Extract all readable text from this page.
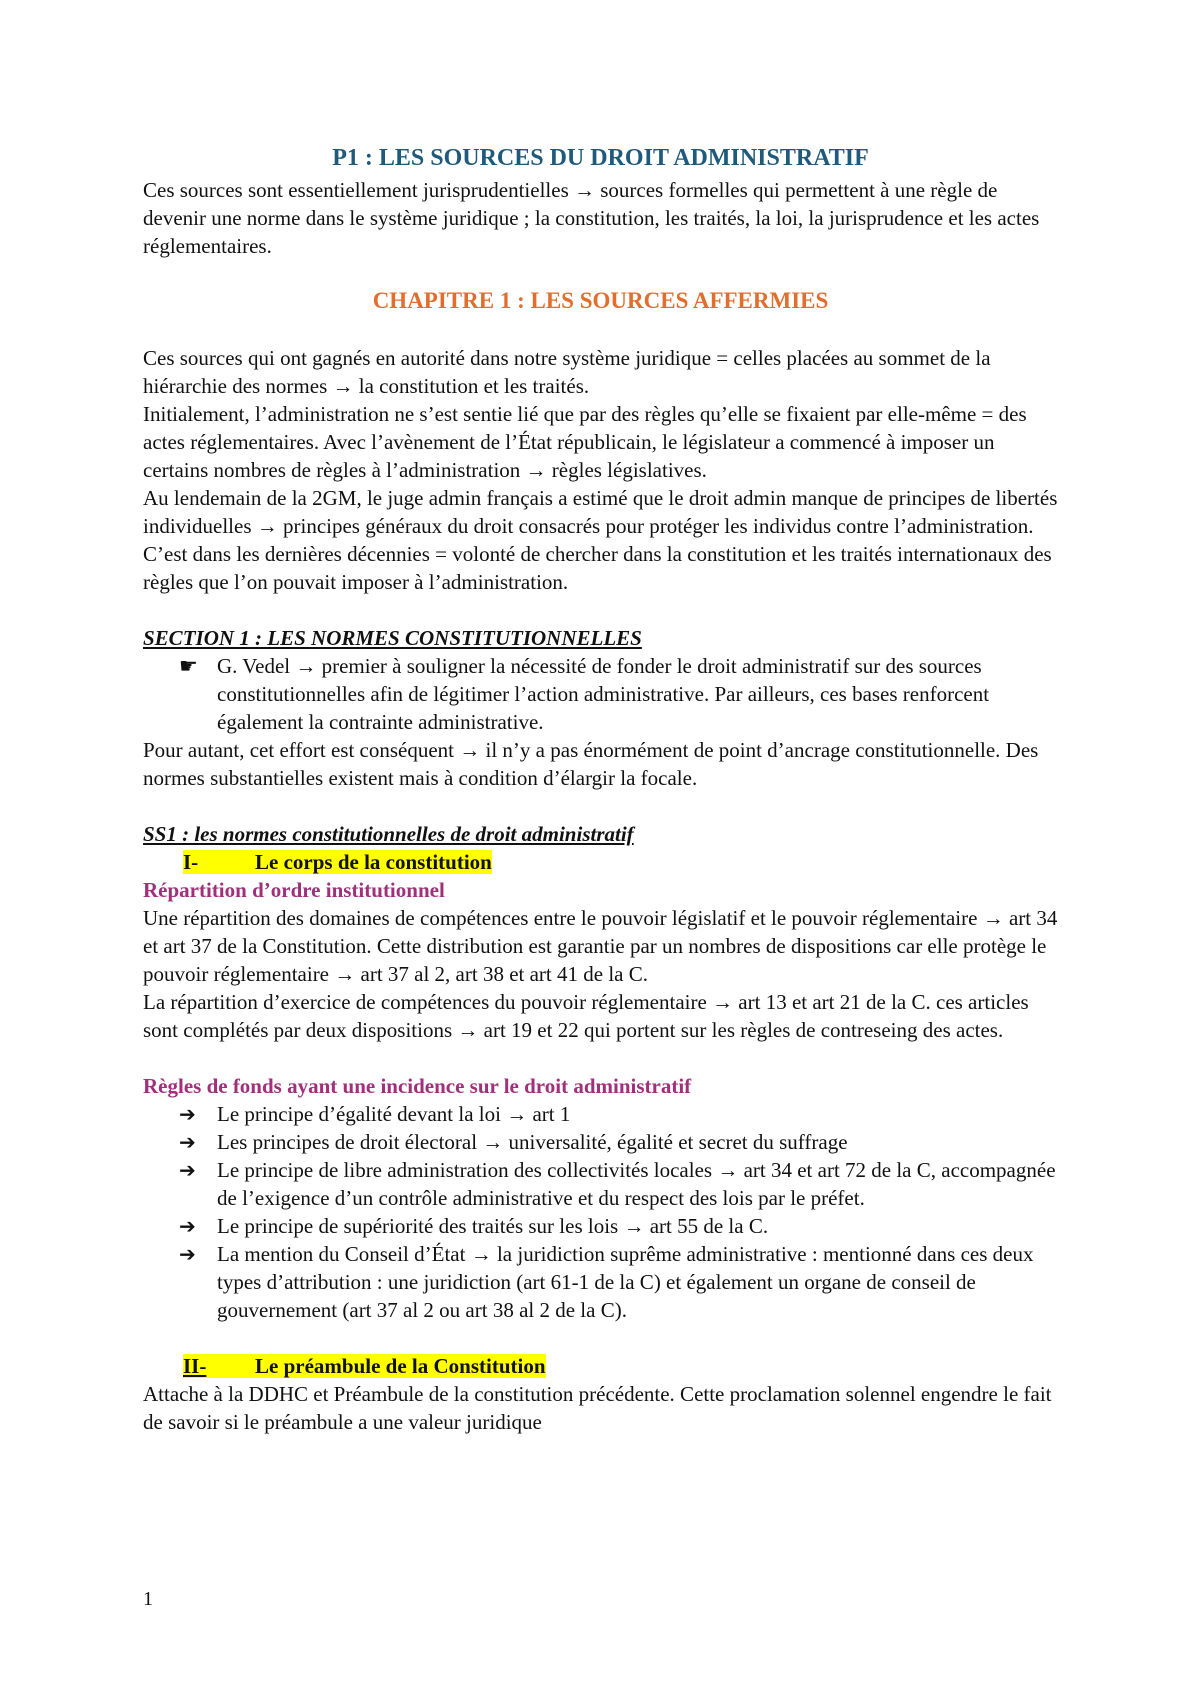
P1 : LES SOURCES DU DROIT ADMINISTRATIF

Ces sources sont essentiellement jurisprudentielles → sources formelles qui permettent à une règle de devenir une norme dans le système juridique ; la constitution, les traités, la loi, la jurisprudence et les actes réglementaires.

CHAPITRE 1 : LES SOURCES AFFERMIES

Ces sources qui ont gagnés en autorité dans notre système juridique = celles placées au sommet de la hiérarchie des normes → la constitution et les traités.

Initialement, l’administration ne s’est sentie lié que par des règles qu’elle se fixaient par elle-même = des actes réglementaires. Avec l’avènement de l’État républicain, le législateur a commencé à imposer un certains nombres de règles à l’administration → règles législatives.

Au lendemain de la 2GM, le juge admin français a estimé que le droit admin manque de principes de libertés individuelles → principes généraux du droit consacrés pour protéger les individus contre l’administration. C’est dans les dernières décennies = volonté de chercher dans la constitution et les traités internationaux des règles que l’on pouvait imposer à l’administration.

SECTION 1 : LES NORMES CONSTITUTIONNELLES

☛ G. Vedel → premier à souligner la nécessité de fonder le droit administratif sur des sources constitutionnelles afin de légitimer l’action administrative. Par ailleurs, ces bases renforcent également la contrainte administrative.

Pour autant, cet effort est conséquent → il n’y a pas énormément de point d’ancrage constitutionnelle. Des normes substantielles existent mais à condition d’élargir la focale.

SS1 : les normes constitutionnelles de droit administratif

I-	Le corps de la constitution

Répartition d’ordre institutionnel

Une répartition des domaines de compétences entre le pouvoir législatif et le pouvoir réglementaire → art 34 et art 37 de la Constitution. Cette distribution est garantie par un nombres de dispositions car elle protège le pouvoir réglementaire → art 37 al 2, art 38 et art 41 de la C.

La répartition d’exercice de compétences du pouvoir réglementaire → art 13 et art 21 de la C. ces articles sont complétés par deux dispositions → art 19 et 22 qui portent sur les règles de contreseing des actes.

Règles de fonds ayant une incidence sur le droit administratif

➔ Le principe d’égalité devant la loi → art 1
➔ Les principes de droit électoral → universalité, égalité et secret du suffrage
➔ Le principe de libre administration des collectivités locales → art 34 et art 72 de la C, accompagnée de l’exigence d’un contrôle administrative et du respect des lois par le préfet.
➔ Le principe de supériorité des traités sur les lois → art 55 de la C.
➔ La mention du Conseil d’État → la juridiction suprême administrative : mentionné dans ces deux types d’attribution : une juridiction (art 61-1 de la C) et également un organe de conseil de gouvernement (art 37 al 2 ou art 38 al 2 de la C).

II- Le préambule de la Constitution

Attache à la DDHC et Préambule de la constitution précédente. Cette proclamation solennel engendre le fait de savoir si le préambule a une valeur juridique

1
